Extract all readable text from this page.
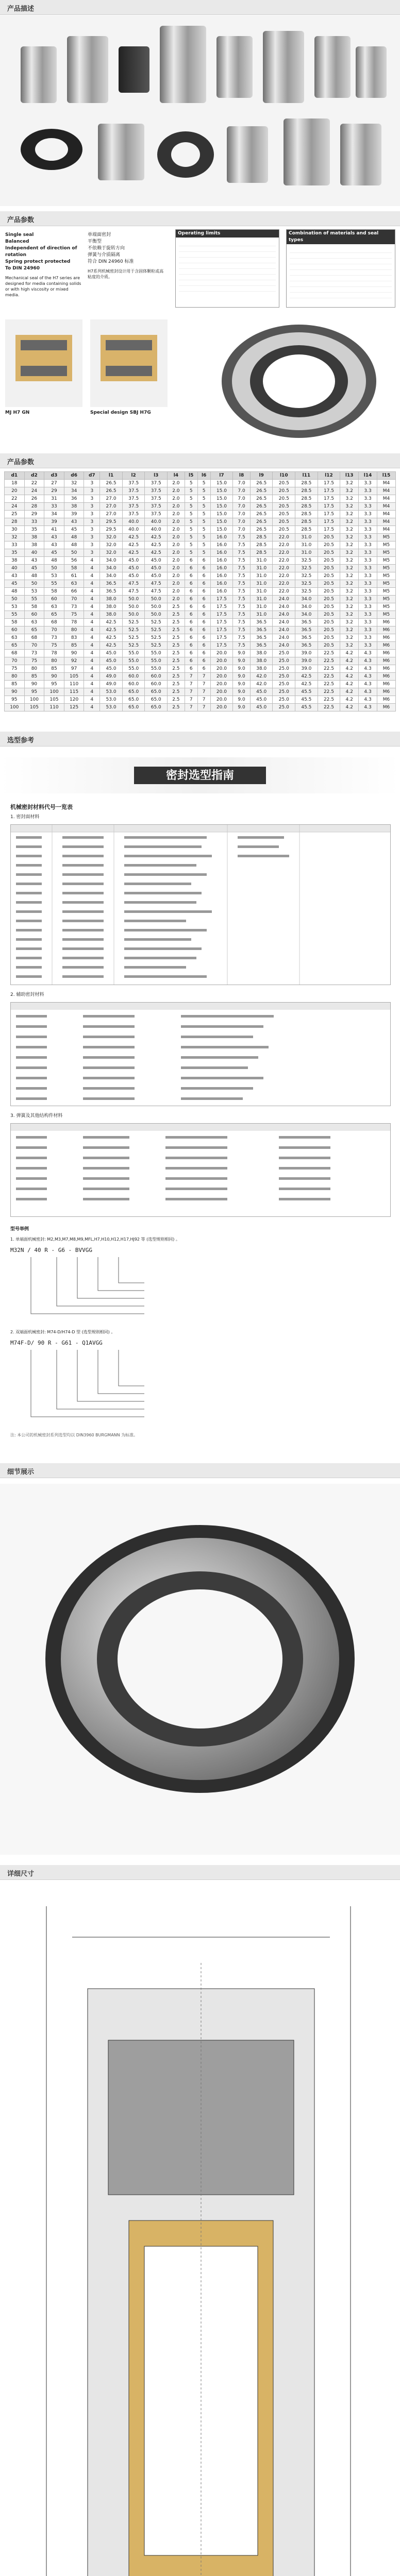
产品描述
产品参数
Single seal
Balanced
Independent of direction of rotation
Spring protect protected
To DIN 24960
Mechanical seal of the H7 series are designed for media containing solids or with high viscosity or mixed media.
单端面密封
平衡型
不依赖于旋转方向
弹簧与介质隔离
符合 DIN 24960 标准
H7系列机械密封设计用于含固体颗粒或高粘度的介质。
Operating limits	Combination of materials and seal types
MJ H7 GN	Special design SBJ H7G
产品参数
d1	d2	d3	d6	d7	l1	l2	l3	l4	l5	l6	l7	l8	l9	l10	l11	l12	l13	l14	l15
18	22	27	32	3	26.5	37.5	37.5	2.0	5	5	15.0	7.0	26.5	20.5	28.5	17.5	3.2	3.3	M4
20	24	29	34	3	26.5	37.5	37.5	2.0	5	5	15.0	7.0	26.5	20.5	28.5	17.5	3.2	3.3	M4
22	26	31	36	3	27.0	37.5	37.5	2.0	5	5	15.0	7.0	26.5	20.5	28.5	17.5	3.2	3.3	M4
24	28	33	38	3	27.0	37.5	37.5	2.0	5	5	15.0	7.0	26.5	20.5	28.5	17.5	3.2	3.3	M4
25	29	34	39	3	27.0	37.5	37.5	2.0	5	5	15.0	7.0	26.5	20.5	28.5	17.5	3.2	3.3	M4
28	33	39	43	3	29.5	40.0	40.0	2.0	5	5	15.0	7.0	26.5	20.5	28.5	17.5	3.2	3.3	M4
30	35	41	45	3	29.5	40.0	40.0	2.0	5	5	15.0	7.0	26.5	20.5	28.5	17.5	3.2	3.3	M4
32	38	43	48	3	32.0	42.5	42.5	2.0	5	5	16.0	7.5	28.5	22.0	31.0	20.5	3.2	3.3	M5
33	38	43	48	3	32.0	42.5	42.5	2.0	5	5	16.0	7.5	28.5	22.0	31.0	20.5	3.2	3.3	M5
35	40	45	50	3	32.0	42.5	42.5	2.0	5	5	16.0	7.5	28.5	22.0	31.0	20.5	3.2	3.3	M5
38	43	48	56	4	34.0	45.0	45.0	2.0	6	6	16.0	7.5	31.0	22.0	32.5	20.5	3.2	3.3	M5
40	45	50	58	4	34.0	45.0	45.0	2.0	6	6	16.0	7.5	31.0	22.0	32.5	20.5	3.2	3.3	M5
43	48	53	61	4	34.0	45.0	45.0	2.0	6	6	16.0	7.5	31.0	22.0	32.5	20.5	3.2	3.3	M5
45	50	55	63	4	36.5	47.5	47.5	2.0	6	6	16.0	7.5	31.0	22.0	32.5	20.5	3.2	3.3	M5
48	53	58	66	4	36.5	47.5	47.5	2.0	6	6	16.0	7.5	31.0	22.0	32.5	20.5	3.2	3.3	M5
50	55	60	70	4	38.0	50.0	50.0	2.0	6	6	17.5	7.5	31.0	24.0	34.0	20.5	3.2	3.3	M5
53	58	63	73	4	38.0	50.0	50.0	2.5	6	6	17.5	7.5	31.0	24.0	34.0	20.5	3.2	3.3	M5
55	60	65	75	4	38.0	50.0	50.0	2.5	6	6	17.5	7.5	31.0	24.0	34.0	20.5	3.2	3.3	M5
58	63	68	78	4	42.5	52.5	52.5	2.5	6	6	17.5	7.5	36.5	24.0	36.5	20.5	3.2	3.3	M6
60	65	70	80	4	42.5	52.5	52.5	2.5	6	6	17.5	7.5	36.5	24.0	36.5	20.5	3.2	3.3	M6
63	68	73	83	4	42.5	52.5	52.5	2.5	6	6	17.5	7.5	36.5	24.0	36.5	20.5	3.2	3.3	M6
65	70	75	85	4	42.5	52.5	52.5	2.5	6	6	17.5	7.5	36.5	24.0	36.5	20.5	3.2	3.3	M6
68	73	78	90	4	45.0	55.0	55.0	2.5	6	6	20.0	9.0	38.0	25.0	39.0	22.5	4.2	4.3	M6
70	75	80	92	4	45.0	55.0	55.0	2.5	6	6	20.0	9.0	38.0	25.0	39.0	22.5	4.2	4.3	M6
75	80	85	97	4	45.0	55.0	55.0	2.5	6	6	20.0	9.0	38.0	25.0	39.0	22.5	4.2	4.3	M6
80	85	90	105	4	49.0	60.0	60.0	2.5	7	7	20.0	9.0	42.0	25.0	42.5	22.5	4.2	4.3	M6
85	90	95	110	4	49.0	60.0	60.0	2.5	7	7	20.0	9.0	42.0	25.0	42.5	22.5	4.2	4.3	M6
90	95	100	115	4	53.0	65.0	65.0	2.5	7	7	20.0	9.0	45.0	25.0	45.5	22.5	4.2	4.3	M6
95	100	105	120	4	53.0	65.0	65.0	2.5	7	7	20.0	9.0	45.0	25.0	45.5	22.5	4.2	4.3	M6
100	105	110	125	4	53.0	65.0	65.0	2.5	7	7	20.0	9.0	45.0	25.0	45.5	22.5	4.2	4.3	M6
选型参考
密封选型指南
机械密封材料代号一览表
1. 密封面材料
2. 辅助密封材料
3. 弹簧及其他结构件材料
型号举例
1. 单端面机械密封: M2,M3,M7,M8,M9,MFL,H7,H10,H12,H17,HJ92 等 (选型规则相同) 。
M32N / 40 R - G6 - BVVGG
2. 双端面机械密封: M74-D/H74-D 型 (选型规则相同) 。
M74F-D/ 90 R - G61 - Q1AVGG
注: 本公司的机械密封系列选型均以 DIN3960 BURGMANN 为标准。
细节展示
详细尺寸
